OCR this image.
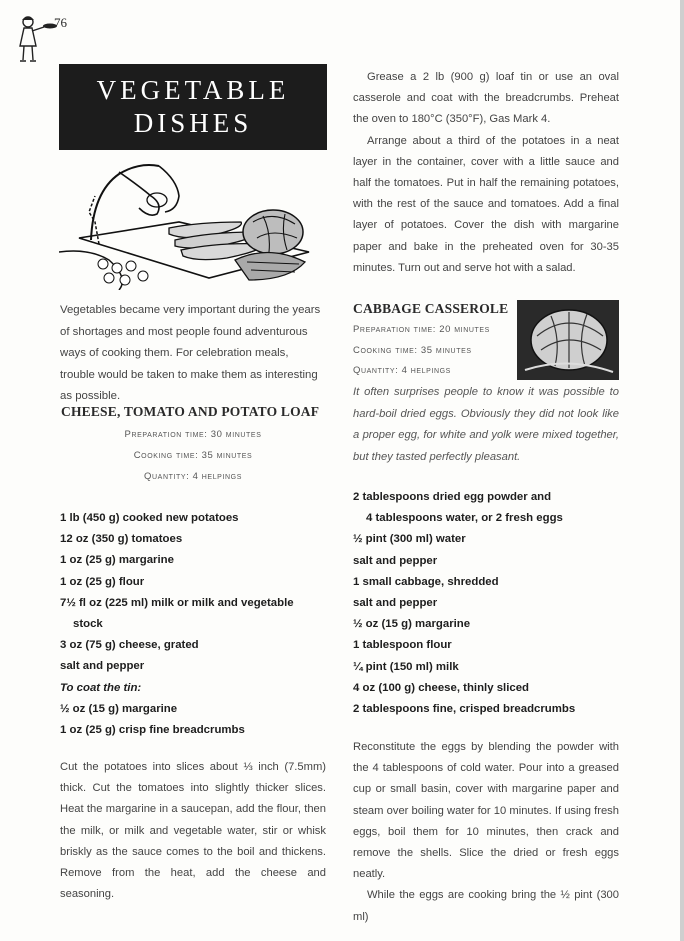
76
VEGETABLE
DISHES
Vegetables became very important during the years of shortages and most people found adventurous ways of cooking them. For celebration meals, trouble would be taken to make them as interesting as possible.
CHEESE, TOMATO AND POTATO LOAF
Preparation time: 30 minutes
Cooking time: 35 minutes
Quantity: 4 helpings
1 lb (450 g) cooked new potatoes
12 oz (350 g) tomatoes
1 oz (25 g) margarine
1 oz (25 g) flour
7½ fl oz (225 ml) milk or milk and vegetable
stock
3 oz (75 g) cheese, grated
salt and pepper
To coat the tin:
½ oz (15 g) margarine
1 oz (25 g) crisp fine breadcrumbs

Cut the potatoes into slices about ⅓ inch (7.5mm) thick. Cut the tomatoes into slightly thicker slices. Heat the margarine in a saucepan, add the flour, then the milk, or milk and vegetable water, stir or whisk briskly as the sauce comes to the boil and thickens. Remove from the heat, add the cheese and seasoning.

Grease a 2 lb (900 g) loaf tin or use an oval casserole and coat with the breadcrumbs. Preheat the oven to 180°C (350°F), Gas Mark 4.

Arrange about a third of the potatoes in a neat layer in the container, cover with a little sauce and half the tomatoes. Put in half the remaining potatoes, with the rest of the sauce and tomatoes. Add a final layer of potatoes. Cover the dish with margarine paper and bake in the preheated oven for 30-35 minutes. Turn out and serve hot with a salad.

CABBAGE CASSEROLE
Preparation time: 20 minutes
Cooking time: 35 minutes
Quantity: 4 helpings
It often surprises people to know it was possible to hard-boil dried eggs. Obviously they did not look like a proper egg, for white and yolk were mixed together, but they tasted perfectly pleasant.
2 tablespoons dried egg powder and
4 tablespoons water, or 2 fresh eggs
½ pint (300 ml) water
salt and pepper
1 small cabbage, shredded
salt and pepper
½ oz (15 g) margarine
1 tablespoon flour
¼ pint (150 ml) milk
4 oz (100 g) cheese, thinly sliced
2 tablespoons fine, crisped breadcrumbs

Reconstitute the eggs by blending the powder with the 4 tablespoons of cold water. Pour into a greased cup or small basin, cover with margarine paper and steam over boiling water for 10 minutes. If using fresh eggs, boil them for 10 minutes, then crack and remove the shells. Slice the dried or fresh eggs neatly.

While the eggs are cooking bring the ½ pint (300 ml)
